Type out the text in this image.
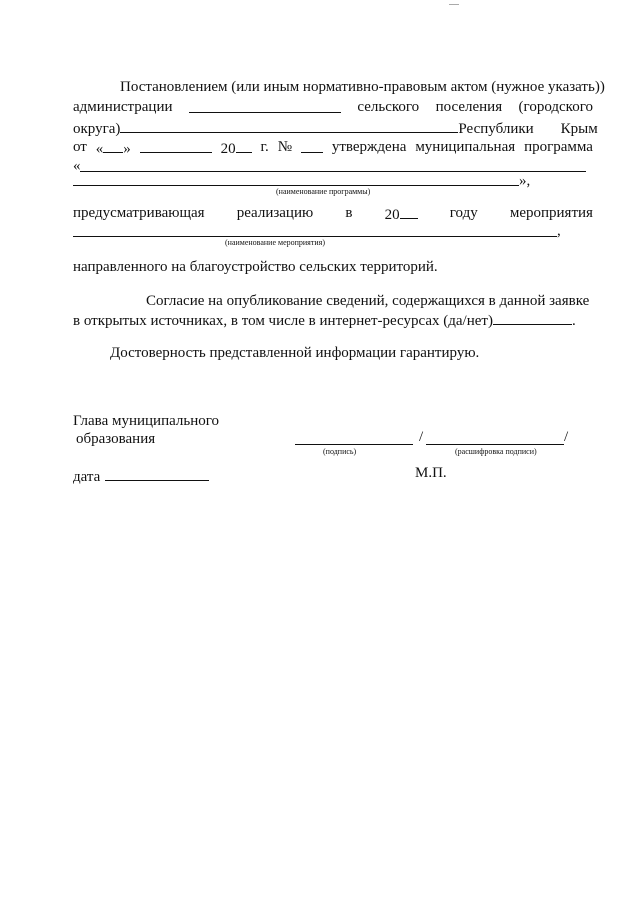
Постановлением (или иным нормативно-правовым актом (нужное указать))
администрации	сельского поселения (городского
округа)	Республики Крым
от « »	20	г. №	утверждена муниципальная программа
«
»,
(наименование программы)
предусматривающая реализацию в 20	году мероприятия
,
(наименование мероприятия)
направленного на благоустройство сельских территорий.
Согласие на опубликование сведений, содержащихся в данной заявке
в открытых источниках, в том числе в интернет-ресурсах (да/нет)	.
Достоверность представленной информации гарантирую.
Глава муниципального
образования	/	/
(подпись)	(расшифровка подписи)
дата	М.П.
